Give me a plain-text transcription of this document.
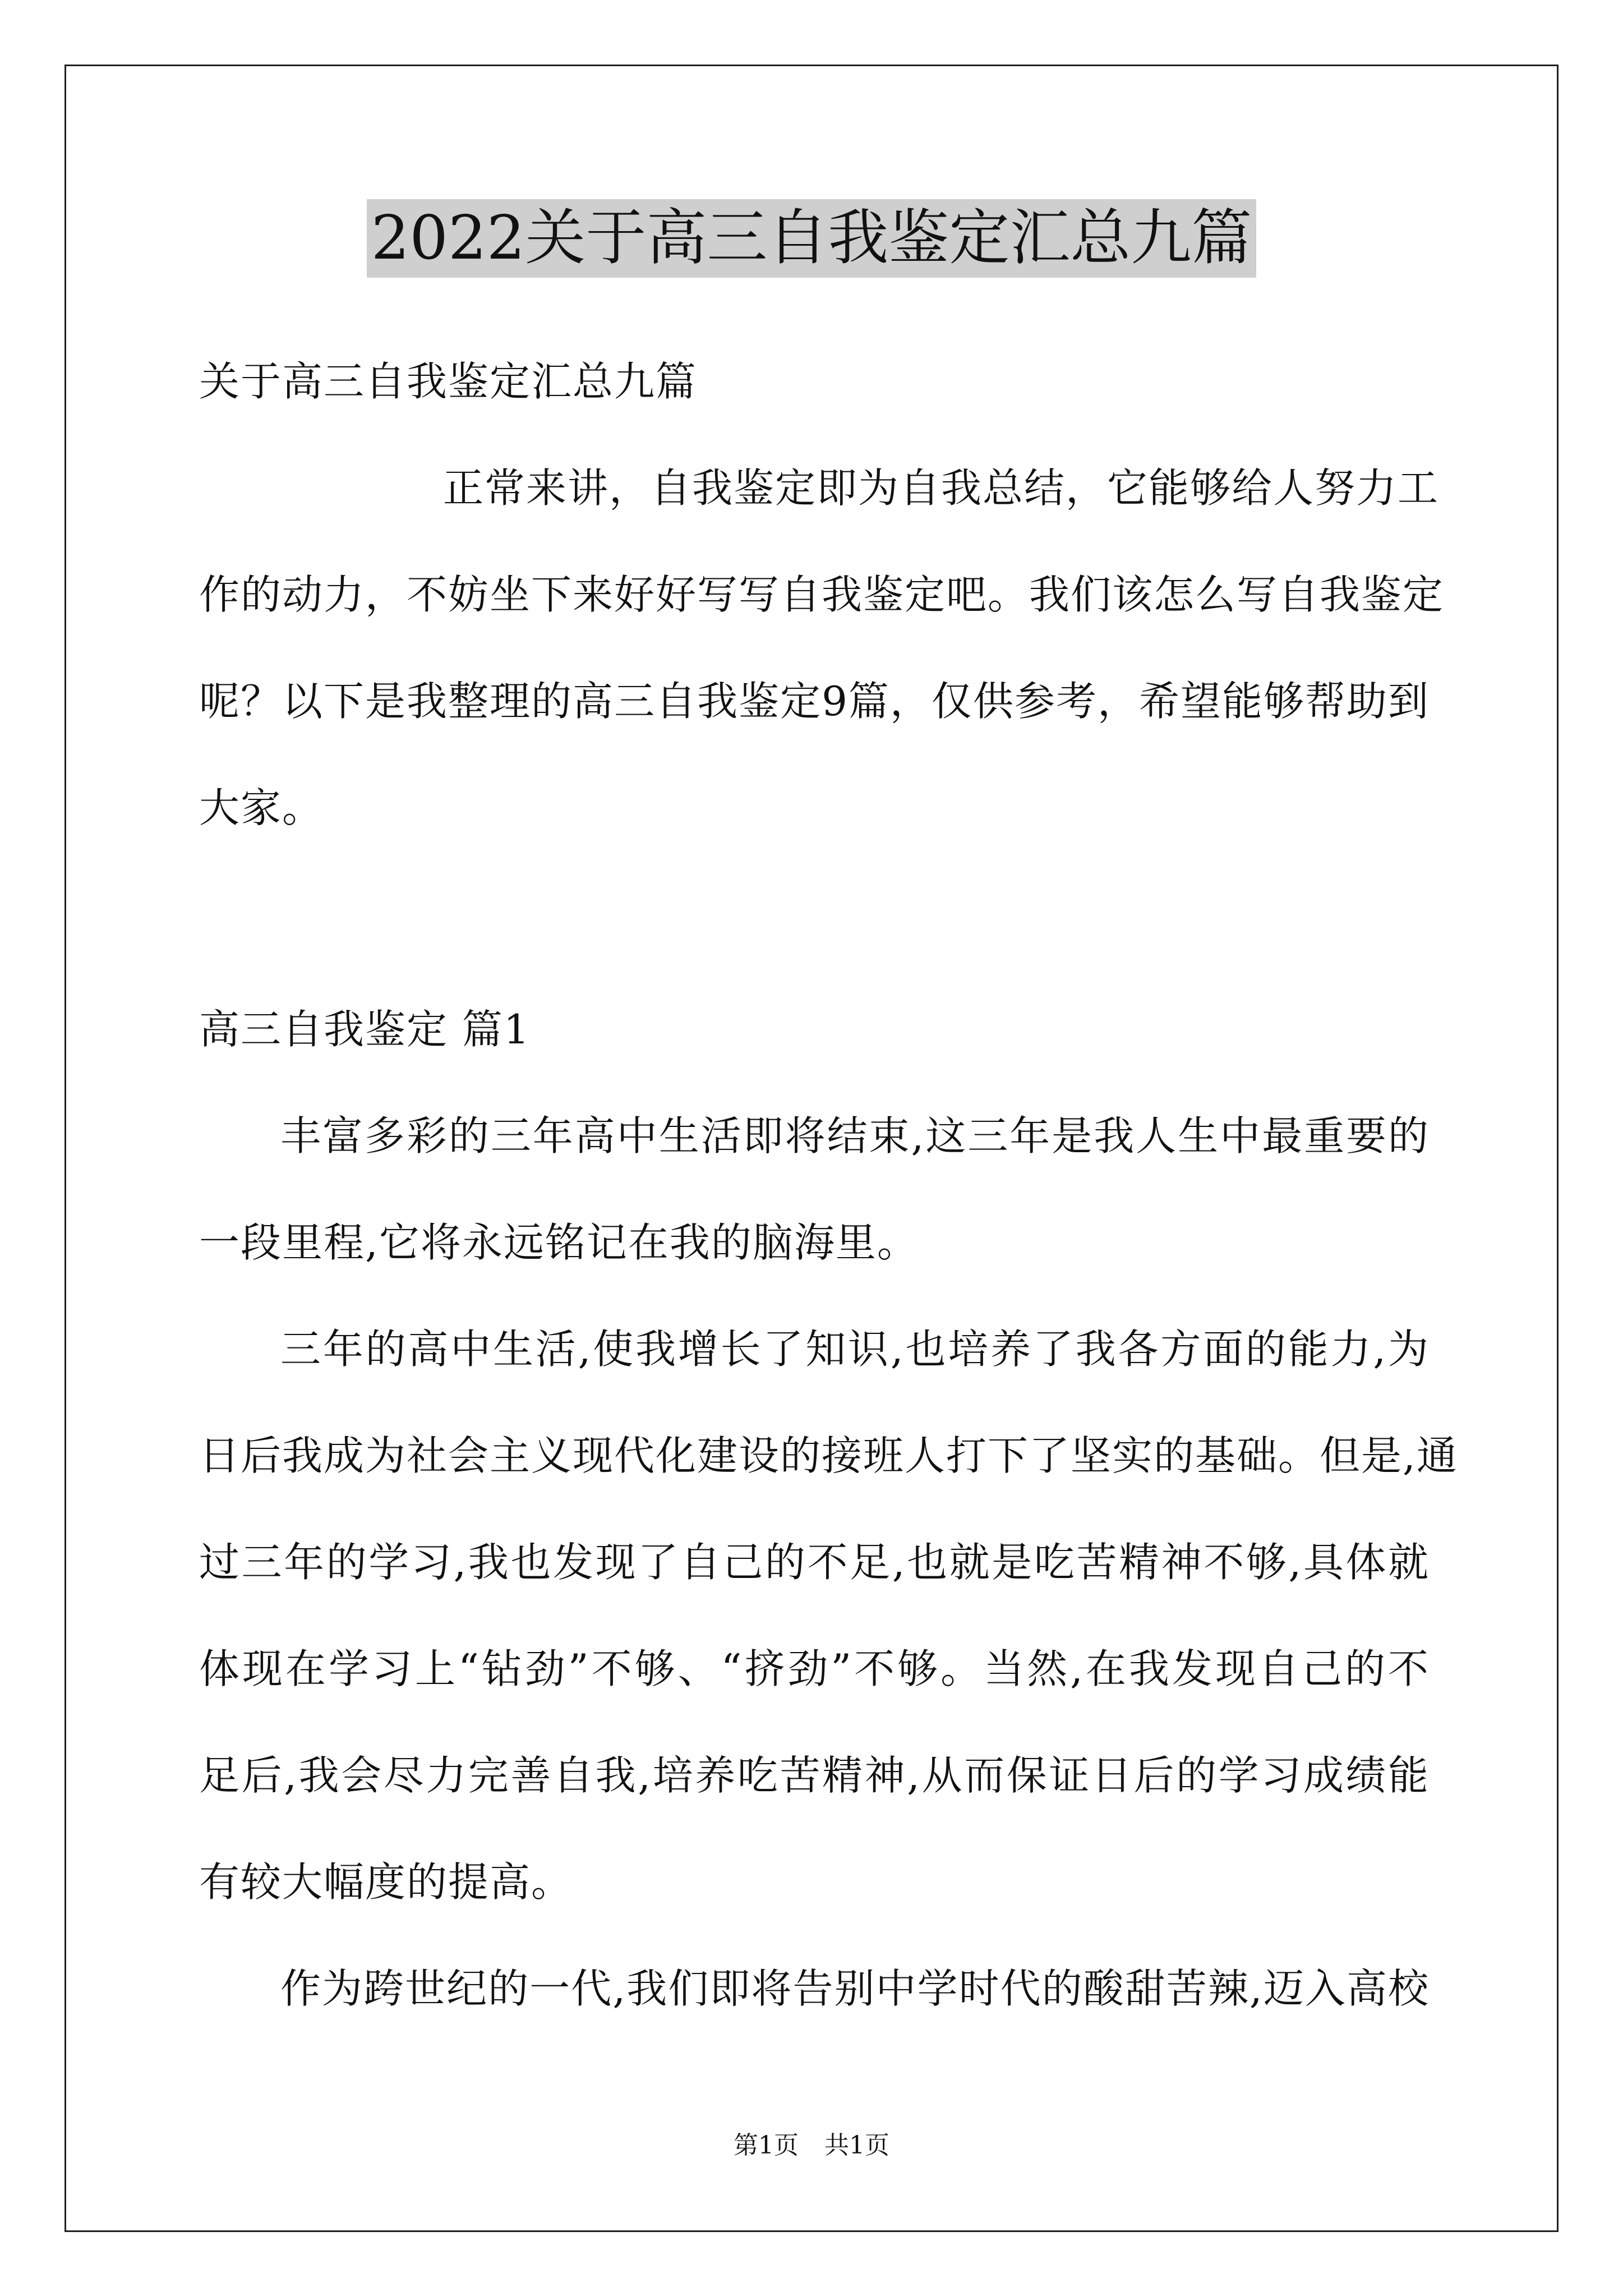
2022关于高三自我鉴定汇总九篇
关于高三自我鉴定汇总九篇
正常来讲，自我鉴定即为自我总结，它能够给人努力工
作的动力，不妨坐下来好好写写自我鉴定吧。我们该怎么写自我鉴定
呢？以下是我整理的高三自我鉴定9篇，仅供参考，希望能够帮助到
大家。
高三自我鉴定 篇1
丰富多彩的三年高中生活即将结束,这三年是我人生中最重要的
一段里程,它将永远铭记在我的脑海里。
三年的高中生活,使我增长了知识,也培养了我各方面的能力,为
日后我成为社会主义现代化建设的接班人打下了坚实的基础。但是,通
过三年的学习,我也发现了自己的不足,也就是吃苦精神不够,具体就
体现在学习上“钻劲”不够、“挤劲”不够。当然,在我发现自己的不
足后,我会尽力完善自我,培养吃苦精神,从而保证日后的学习成绩能
有较大幅度的提高。
作为跨世纪的一代,我们即将告别中学时代的酸甜苦辣,迈入高校
第1页 共1页
